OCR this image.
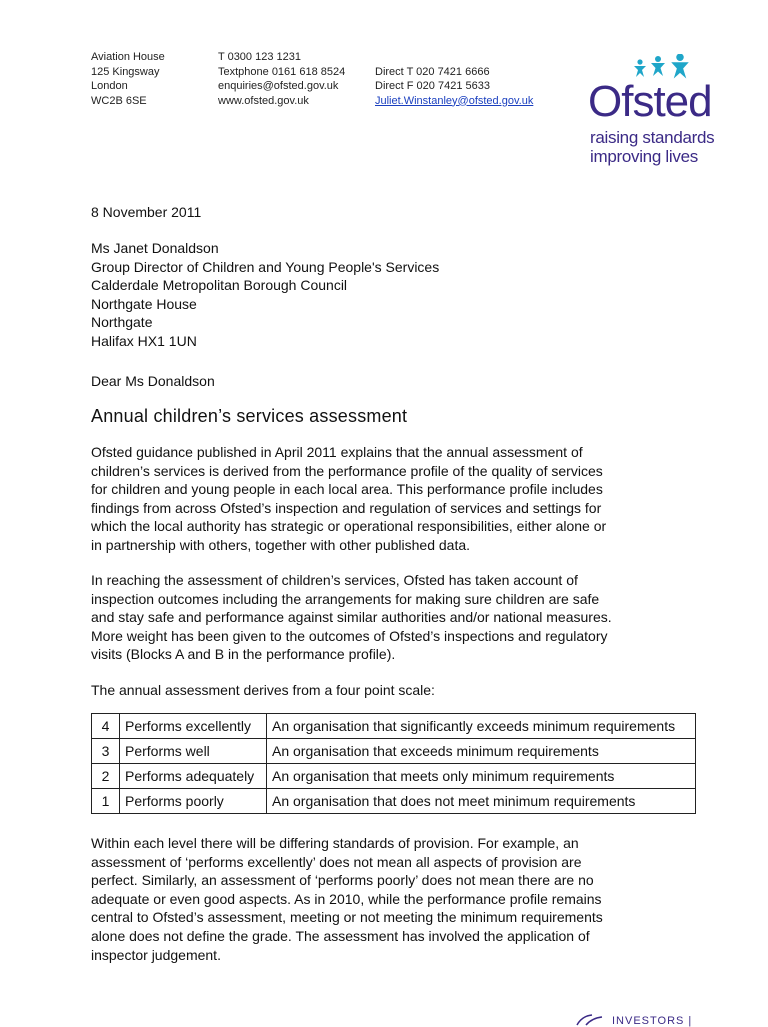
Aviation House
125 Kingsway
London
WC2B 6SE
T 0300 123 1231
Textphone 0161 618 8524
enquiries@ofsted.gov.uk
www.ofsted.gov.uk
Direct T 020 7421 6666
Direct F 020 7421 5633
Juliet.Winstanley@ofsted.gov.uk Ofsted
raising standards
improving lives
8 November 2011
Ms Janet Donaldson
Group Director of Children and Young People's Services
Calderdale Metropolitan Borough Council
Northgate House
Northgate
Halifax HX1 1UN
Dear Ms Donaldson
Annual children’s services assessment
Ofsted guidance published in April 2011 explains that the annual assessment of
children’s services is derived from the performance profile of the quality of services
for children and young people in each local area. This performance profile includes
findings from across Ofsted’s inspection and regulation of services and settings for
which the local authority has strategic or operational responsibilities, either alone or
in partnership with others, together with other published data.
In reaching the assessment of children’s services, Ofsted has taken account of
inspection outcomes including the arrangements for making sure children are safe
and stay safe and performance against similar authorities and/or national measures.
More weight has been given to the outcomes of Ofsted’s inspections and regulatory
visits (Blocks A and B in the performance profile).
The annual assessment derives from a four point scale:
4	Performs excellently	An organisation that significantly exceeds minimum requirements
3	Performs well	An organisation that exceeds minimum requirements
2	Performs adequately	An organisation that meets only minimum requirements
1	Performs poorly	An organisation that does not meet minimum requirements
Within each level there will be differing standards of provision. For example, an
assessment of ‘performs excellently’ does not mean all aspects of provision are
perfect. Similarly, an assessment of ‘performs poorly’ does not mean there are no
adequate or even good aspects. As in 2010, while the performance profile remains
central to Ofsted’s assessment, meeting or not meeting the minimum requirements
alone does not define the grade. The assessment has involved the application of
inspector judgement.
INVESTORS |
